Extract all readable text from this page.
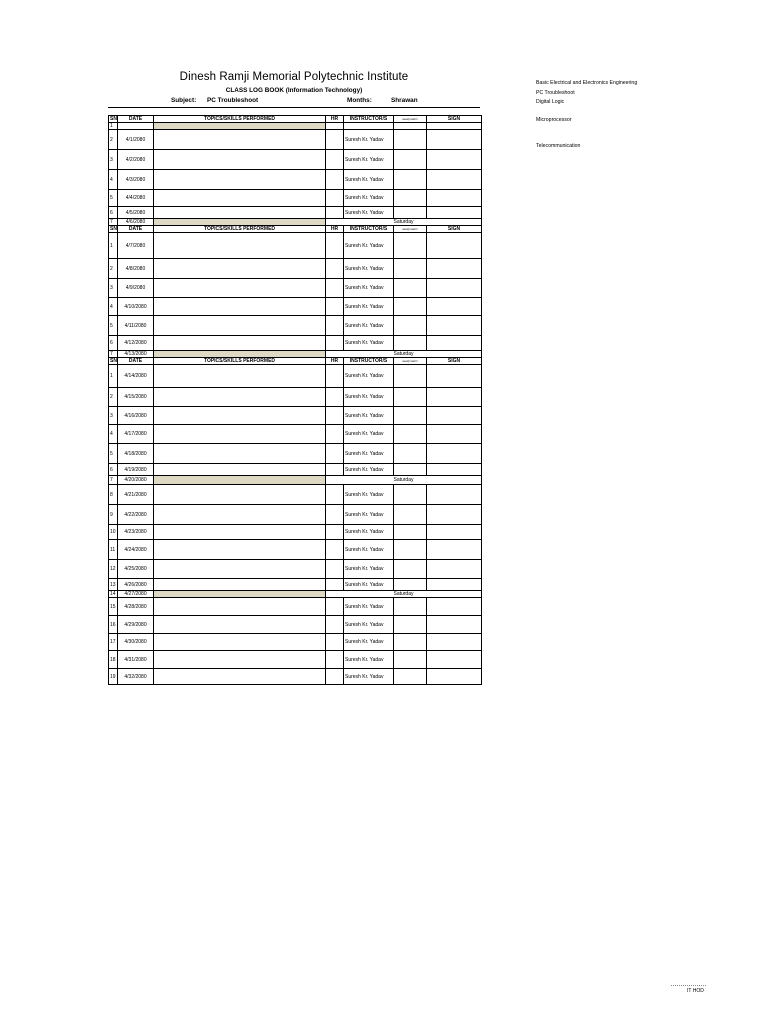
Dinesh Ramji Memorial Polytechnic Institute
CLASS LOG BOOK (Information Technology)
Subject: PC Troubleshoot	Months:	Shrawan
SN	DATE	TOPICS/SKILLS PERFORMED	HR	INSTRUCTOR/S	weekly total hr	SIGN
1						
2	4/1/2080			Suresh Kr. Yadav		
3	4/2/2080			Suresh Kr. Yadav		
4	4/3/2080			Suresh Kr. Yadav		
5	4/4/2080			Suresh Kr. Yadav		
6	4/5/2080			Suresh Kr. Yadav		
7	4/6/2080		Saturday			
SN	DATE	TOPICS/SKILLS PERFORMED	HR	INSTRUCTOR/S	weekly total hr	SIGN
1	4/7/2080			Suresh Kr. Yadav		
2	4/8/2080			Suresh Kr. Yadav		
3	4/9/2080			Suresh Kr. Yadav		
4	4/10/2080			Suresh Kr. Yadav		
5	4/11/2080			Suresh Kr. Yadav		
6	4/12/2080			Suresh Kr. Yadav		
7	4/13/2080		Saturday			
SN	DATE	TOPICS/SKILLS PERFORMED	HR	INSTRUCTOR/S	weekly total hr	SIGN
1	4/14/2080			Suresh Kr. Yadav		
2	4/15/2080			Suresh Kr. Yadav		
3	4/16/2080			Suresh Kr. Yadav		
4	4/17/2080			Suresh Kr. Yadav		
5	4/18/2080			Suresh Kr. Yadav		
6	4/19/2080			Suresh Kr. Yadav		
7	4/20/2080		Saturday			
8	4/21/2080			Suresh Kr. Yadav		
9	4/22/2080			Suresh Kr. Yadav		
10	4/23/2080			Suresh Kr. Yadav		
11	4/24/2080			Suresh Kr. Yadav		
12	4/25/2080			Suresh Kr. Yadav		
13	4/26/2080			Suresh Kr. Yadav		
14	4/27/2080		Saturday			
15	4/28/2080			Suresh Kr. Yadav		
16	4/29/2080			Suresh Kr. Yadav		
17	4/30/2080			Suresh Kr. Yadav		
18	4/31/2080			Suresh Kr. Yadav		
19	4/32/2080			Suresh Kr. Yadav		
Basic Electrical and Electronics Engineering
PC Troubleshoot
Digital Logic
Microprocessor
Telecommunication
IT HOD
